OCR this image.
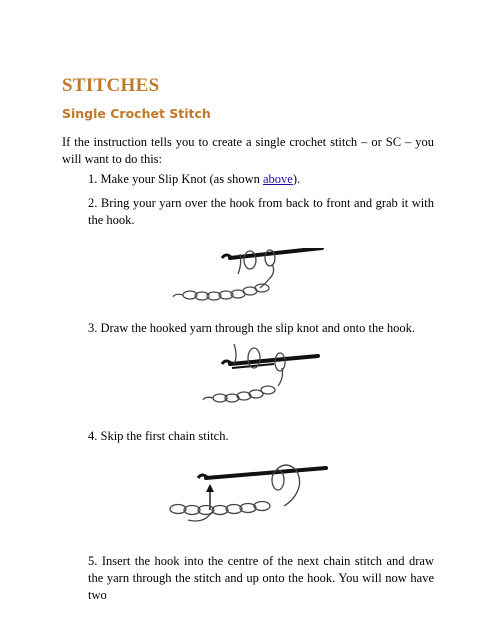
STITCHES
Single Crochet Stitch
If the instruction tells you to create a single crochet stitch – or SC – you will want to do this:
1. Make your Slip Knot (as shown above).
2. Bring your yarn over the hook from back to front and grab it with the hook.
3. Draw the hooked yarn through the slip knot and onto the hook.
4. Skip the first chain stitch.
5. Insert the hook into the centre of the next chain stitch and draw the yarn through the stitch and up onto the hook. You will now have two
